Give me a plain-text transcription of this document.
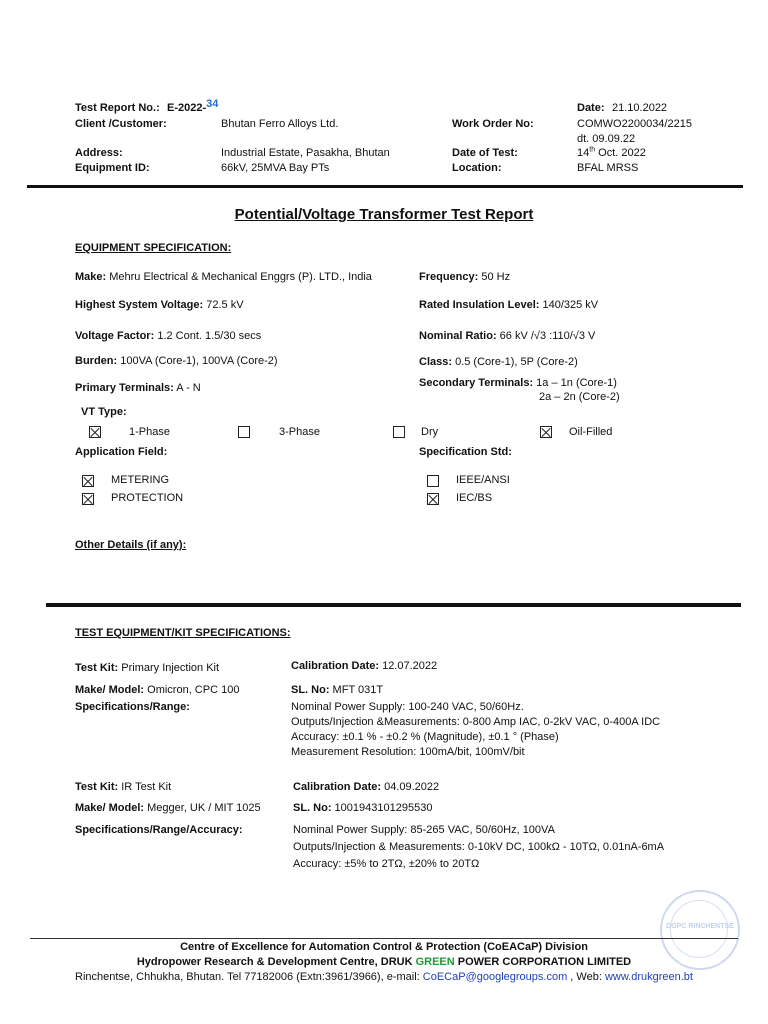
Test Report No.: E-2022-34	Date: 21.10.2022
Client /Customer:	Bhutan Ferro Alloys Ltd.	Work Order No:	COMWO2200034/2215
dt. 09.09.22
Address:	Industrial Estate, Pasakha, Bhutan	Date of Test:	14th Oct. 2022
Equipment ID:	66kV, 25MVA Bay PTs	Location:	BFAL MRSS
Potential/Voltage Transformer Test Report
EQUIPMENT SPECIFICATION:
Make: Mehru Electrical & Mechanical Enggrs (P). LTD., India	Frequency: 50 Hz
Highest System Voltage: 72.5 kV	Rated Insulation Level: 140/325 kV
Voltage Factor: 1.2 Cont. 1.5/30 secs	Nominal Ratio: 66 kV /√3 :110/√3 V
Burden: 100VA (Core-1), 100VA (Core-2)	Class: 0.5 (Core-1), 5P (Core-2)
Primary Terminals: A - N	Secondary Terminals: 1a – 1n (Core-1)
2a – 2n (Core-2)
VT Type:
1-Phase	3-Phase	Dry	Oil-Filled
Application Field:	Specification Std:
METERING
PROTECTION
IEEE/ANSI
IEC/BS
Other Details (if any):
TEST EQUIPMENT/KIT SPECIFICATIONS:
Test Kit: Primary Injection Kit	Calibration Date: 12.07.2022
Make/ Model: Omicron, CPC 100	SL. No: MFT 031T
Specifications/Range:	Nominal Power Supply: 100-240 VAC, 50/60Hz.
Outputs/Injection &Measurements: 0-800 Amp IAC, 0-2kV VAC, 0-400A IDC
Accuracy: ±0.1 % - ±0.2 % (Magnitude), ±0.1 ° (Phase)
Measurement Resolution: 100mA/bit, 100mV/bit
Test Kit: IR Test Kit	Calibration Date: 04.09.2022
Make/ Model: Megger, UK / MIT 1025	SL. No: 1001943101295530
Specifications/Range/Accuracy:	Nominal Power Supply: 85-265 VAC, 50/60Hz, 100VA
Outputs/Injection & Measurements: 0-10kV DC, 100kΩ - 10TΩ, 0.01nA-6mA
Accuracy: ±5% to 2TΩ, ±20% to 20TΩ
DGPC RINCHENTSE
Centre of Excellence for Automation Control & Protection (CoEACaP) Division
Hydropower Research & Development Centre, DRUK GREEN POWER CORPORATION LIMITED
Rinchentse, Chhukha, Bhutan. Tel 77182006 (Extn:3961/3966), e-mail: CoECaP@googlegroups.com , Web: www.drukgreen.bt
